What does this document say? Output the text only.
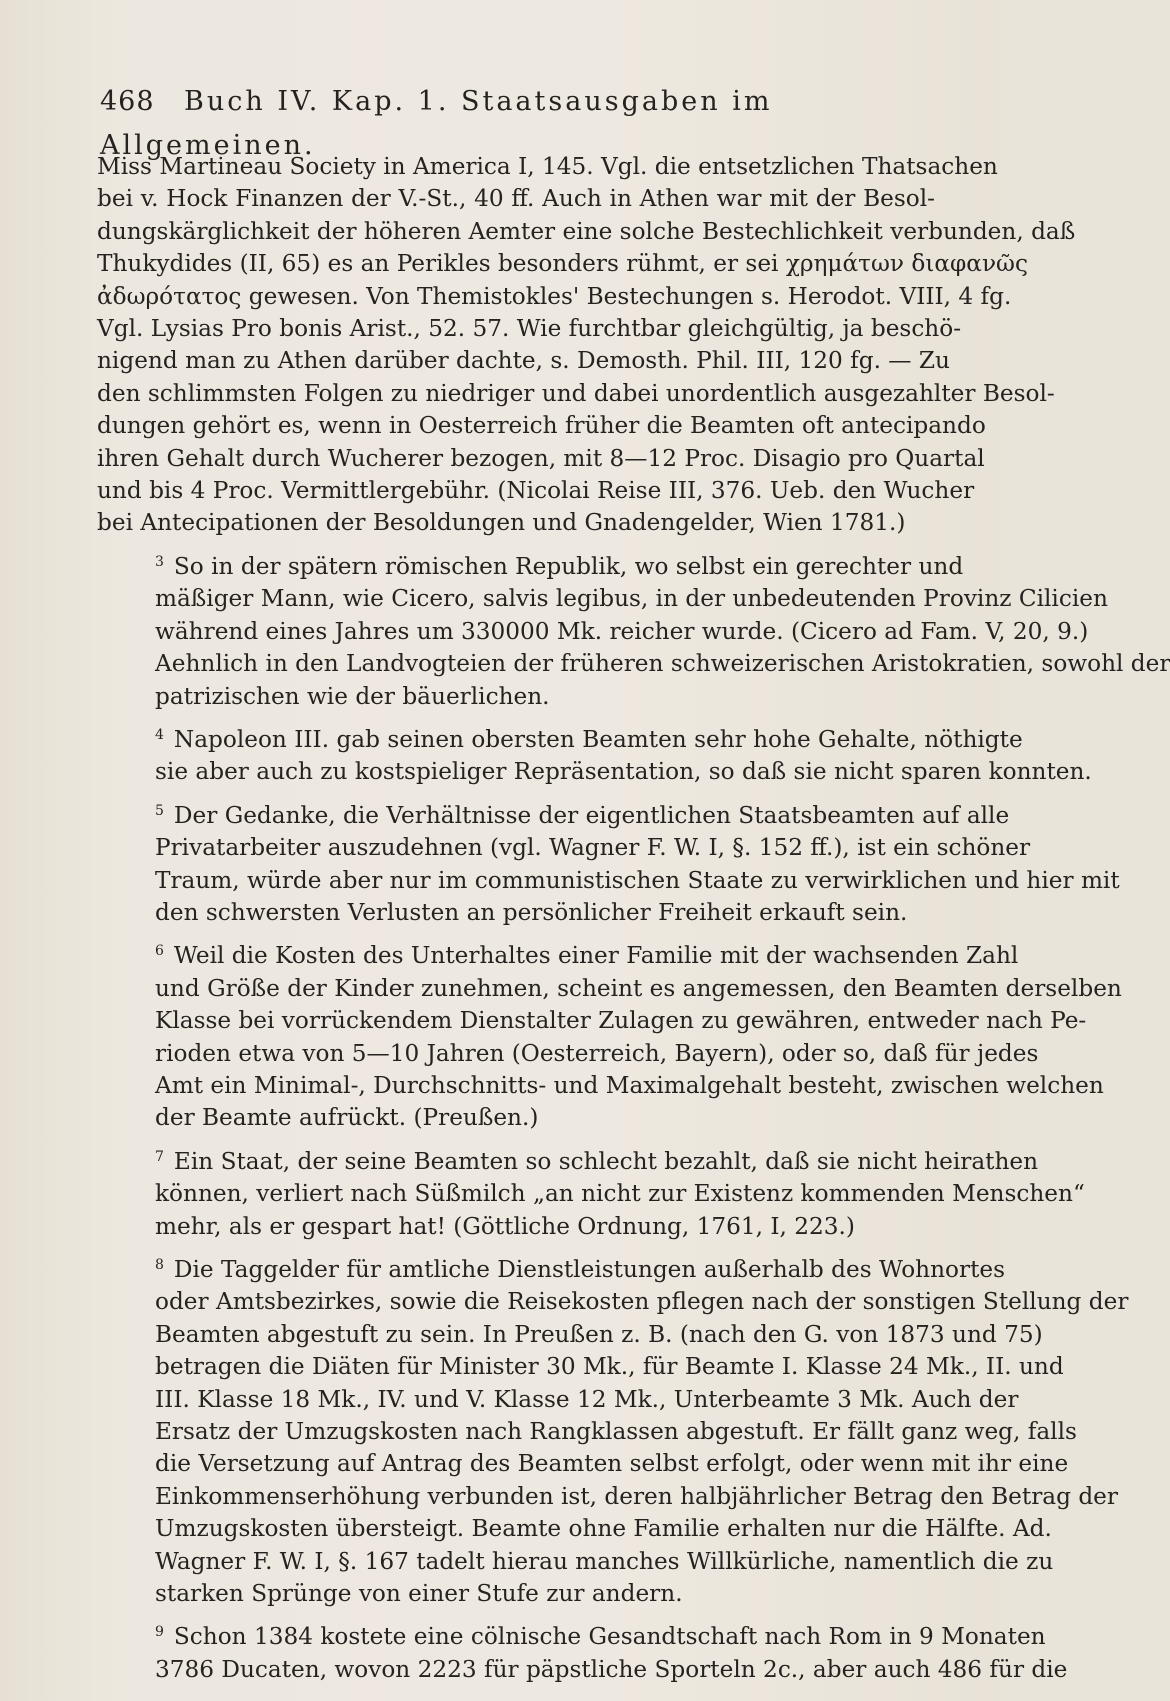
468 Buch IV. Kap. 1. Staatsausgaben im Allgemeinen.

Miss Martineau Society in America I, 145. Vgl. die entsetzlichen Thatsachen
bei v. Hock Finanzen der V.-St., 40 ff. Auch in Athen war mit der Besol-
dungskärglichkeit der höheren Aemter eine solche Bestechlichkeit verbunden, daß
Thukydides (II, 65) es an Perikles besonders rühmt, er sei χρημάτων διαφανῶς
ἀδωρότατος gewesen. Von Themistokles' Bestechungen s. Herodot. VIII, 4 fg.
Vgl. Lysias Pro bonis Arist., 52. 57. Wie furchtbar gleichgültig, ja beschö-
nigend man zu Athen darüber dachte, s. Demosth. Phil. III, 120 fg. — Zu
den schlimmsten Folgen zu niedriger und dabei unordentlich ausgezahlter Besol-
dungen gehört es, wenn in Oesterreich früher die Beamten oft antecipando
ihren Gehalt durch Wucherer bezogen, mit 8—12 Proc. Disagio pro Quartal
und bis 4 Proc. Vermittlergebühr. (Nicolai Reise III, 376. Ueb. den Wucher
bei Antecipationen der Besoldungen und Gnadengelder, Wien 1781.)

$^3$ So in der spätern römischen Republik, wo selbst ein gerechter und
mäßiger Mann, wie Cicero, salvis legibus, in der unbedeutenden Provinz Cilicien
während eines Jahres um 330000 Mk. reicher wurde. (Cicero ad Fam. V, 20, 9.)
Aehnlich in den Landvogteien der früheren schweizerischen Aristokratien, sowohl der
patrizischen wie der bäuerlichen.

$^4$ Napoleon III. gab seinen obersten Beamten sehr hohe Gehalte, nöthigte
sie aber auch zu kostspieliger Repräsentation, so daß sie nicht sparen konnten.

$^5$ Der Gedanke, die Verhältnisse der eigentlichen Staatsbeamten auf alle
Privatarbeiter auszudehnen (vgl. Wagner F. W. I, §. 152 ff.), ist ein schöner
Traum, würde aber nur im communistischen Staate zu verwirklichen und hier mit
den schwersten Verlusten an persönlicher Freiheit erkauft sein.

$^6$ Weil die Kosten des Unterhaltes einer Familie mit der wachsenden Zahl
und Größe der Kinder zunehmen, scheint es angemessen, den Beamten derselben
Klasse bei vorrückendem Dienstalter Zulagen zu gewähren, entweder nach Pe-
rioden etwa von 5—10 Jahren (Oesterreich, Bayern), oder so, daß für jedes
Amt ein Minimal-, Durchschnitts- und Maximalgehalt besteht, zwischen welchen
der Beamte aufrückt. (Preußen.)

$^7$ Ein Staat, der seine Beamten so schlecht bezahlt, daß sie nicht heirathen
können, verliert nach Süßmilch „an nicht zur Existenz kommenden Menschen“
mehr, als er gespart hat! (Göttliche Ordnung, 1761, I, 223.)

$^8$ Die Taggelder für amtliche Dienstleistungen außerhalb des Wohnortes
oder Amtsbezirkes, sowie die Reisekosten pflegen nach der sonstigen Stellung der
Beamten abgestuft zu sein. In Preußen z. B. (nach den G. von 1873 und 75)
betragen die Diäten für Minister 30 Mk., für Beamte I. Klasse 24 Mk., II. und
III. Klasse 18 Mk., IV. und V. Klasse 12 Mk., Unterbeamte 3 Mk. Auch der
Ersatz der Umzugskosten nach Rangklassen abgestuft. Er fällt ganz weg, falls
die Versetzung auf Antrag des Beamten selbst erfolgt, oder wenn mit ihr eine
Einkommenserhöhung verbunden ist, deren halbjährlicher Betrag den Betrag der
Umzugskosten übersteigt. Beamte ohne Familie erhalten nur die Hälfte. Ad.
Wagner F. W. I, §. 167 tadelt hierau manches Willkürliche, namentlich die zu
starken Sprünge von einer Stufe zur andern.

$^9$ Schon 1384 kostete eine cölnische Gesandtschaft nach Rom in 9 Monaten
3786 Ducaten, wovon 2223 für päpstliche Sporteln 2c., aber auch 486 für die
